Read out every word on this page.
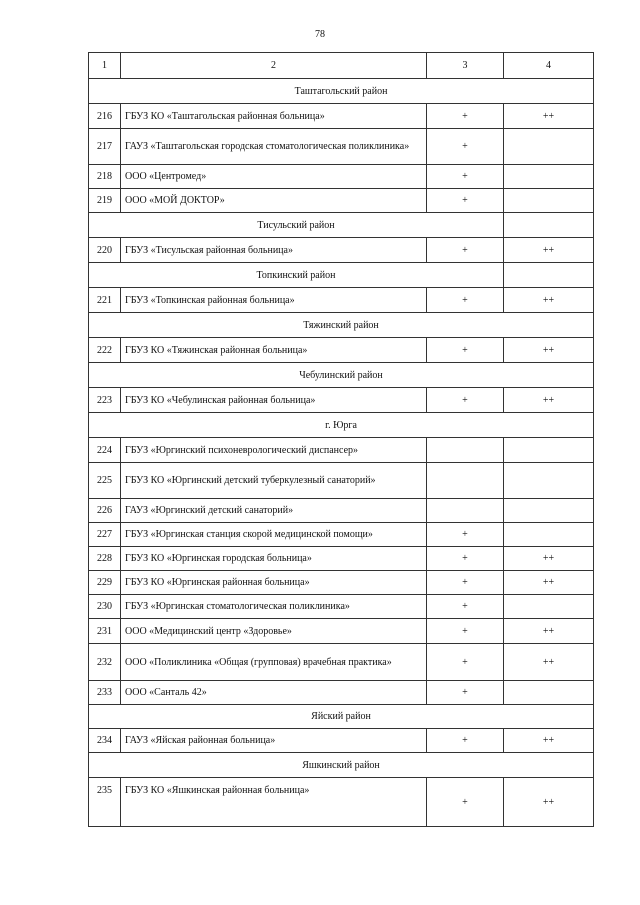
78
1	2	3	4
Таштагольский район			
216	ГБУЗ КО «Таштагольская районная больница»	+	++
217	ГАУЗ «Таштагольская городская стоматологическая поликлиника»	+	
218	ООО «Центромед»	+	
219	ООО «МОЙ ДОКТОР»	+	
Тисульский район			
220	ГБУЗ «Тисульская районная больница»	+	++
Топкинский район			
221	ГБУЗ «Топкинская районная больница»	+	++
Тяжинский район			
222	ГБУЗ КО «Тяжинская районная больница»	+	++
Чебулинский район			
223	ГБУЗ КО «Чебулинская районная больница»	+	++
г. Юрга			
224	ГБУЗ «Юргинский психоневрологический диспансер»		

225	ГБУЗ КО «Юргинский детский туберкулезный санаторий»		

226	ГАУЗ «Юргинский детский санаторий»		

227	ГБУЗ «Юргинская станция скорой медицинской помощи»	+	
228	ГБУЗ КО «Юргинская городская больница»	+	++
229	ГБУЗ КО «Юргинская районная больница»	+	++
230	ГБУЗ «Юргинская стоматологическая поликлиника»	+	
231	ООО «Медицинский центр «Здоровье»	+	++
232	ООО «Поликлиника «Общая (групповая) врачебная практика»	+	++
233	ООО «Санталь 42»	+	
Яйский район			
234	ГАУЗ «Яйская районная больница»	+	++
Яшкинский район			
235	ГБУЗ КО «Яшкинская районная больница»	+	++
